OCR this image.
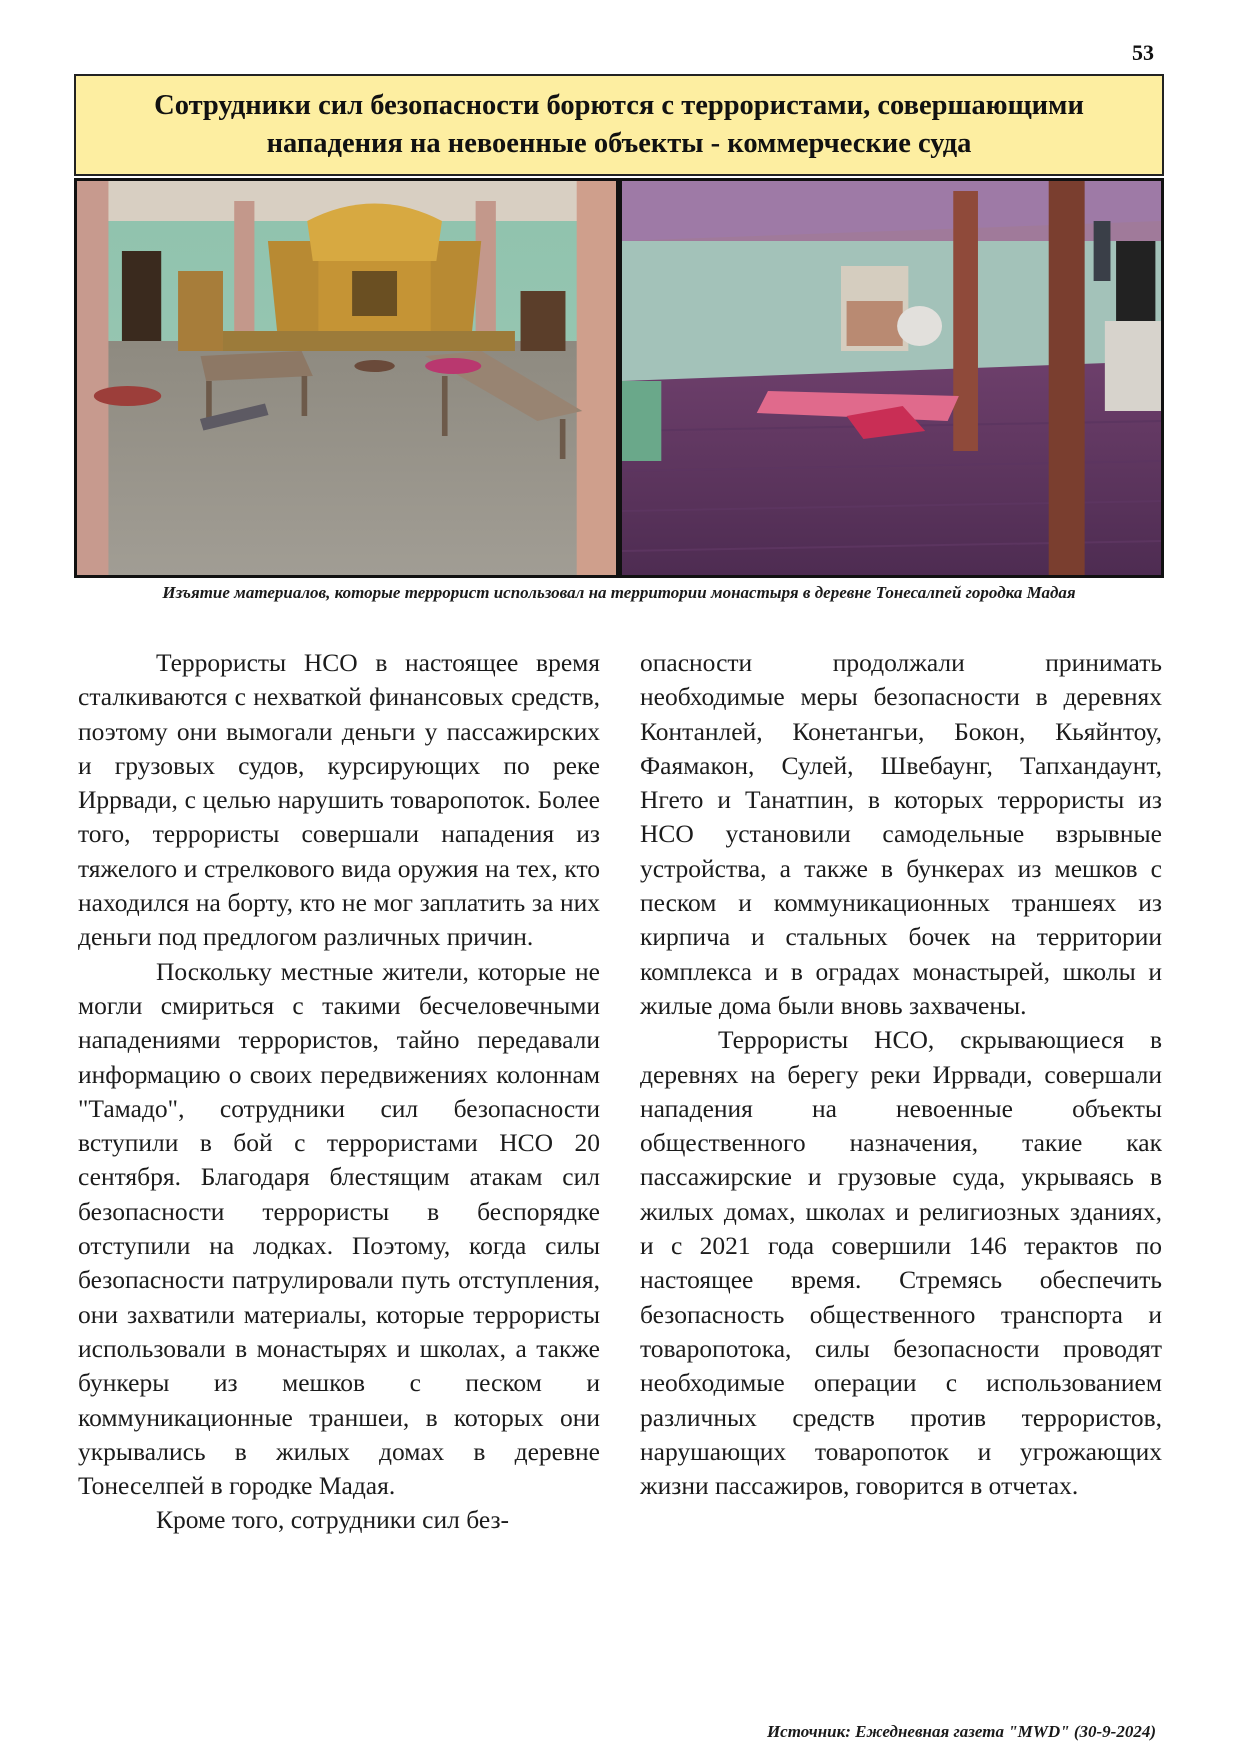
53
Сотрудники сил безопасности борются с террористами, совершающими нападения на невоенные объекты - коммерческие суда
Изъятие материалов, которые террорист использовал на территории монастыря в деревне Тонесалпей городка Мадая

Террористы НСО в настоящее время сталкиваются с нехваткой финансовых средств, поэтому они вымогали деньги у пассажирских и грузовых судов, курсирующих по реке Иррвади, с целью нарушить товаропоток. Более того, террористы совершали нападения из тяжелого и стрелкового вида оружия на тех, кто находился на борту, кто не мог заплатить за них деньги под предлогом различных причин.

Поскольку местные жители, которые не могли смириться с такими бесчеловечными нападениями террористов, тайно передавали информацию о своих передвижениях колоннам "Тамадо", сотрудники сил безопасности вступили в бой с террористами НСО 20 сентября. Благодаря блестящим атакам сил безопасности террористы в беспорядке отступили на лодках. Поэтому, когда силы безопасности патрулировали путь отступления, они захватили материалы, которые террористы использовали в монастырях и школах, а также бункеры из мешков с песком и коммуникационные траншеи, в которых они укрывались в жилых домах в деревне Тонеселпей в городке Мадая.

Кроме того, сотрудники сил без-

опасности продолжали принимать необходимые меры безопасности в деревнях Контанлей, Конетангьи, Бокон, Кьяйнтоу, Фаямакон, Сулей, Швебаунг, Тапхандаунт, Нгето и Танатпин, в которых террористы из НСО установили самодельные взрывные устройства, а также в бункерах из мешков с песком и коммуникационных траншеях из кирпича и стальных бочек на территории комплекса и в оградах монастырей, школы и жилые дома были вновь захвачены.

Террористы НСО, скрывающиеся в деревнях на берегу реки Иррвади, совершали нападения на невоенные объекты общественного назначения, такие как пассажирские и грузовые суда, укрываясь в жилых домах, школах и религиозных зданиях, и с 2021 года совершили 146 терактов по настоящее время. Стремясь обеспечить безопасность общественного транспорта и товаропотока, силы безопасности проводят необходимые операции с использованием различных средств против террористов, нарушающих товаропоток и угрожающих жизни пассажиров, говорится в отчетах.

Источник: Ежедневная газета "MWD" (30-9-2024)
